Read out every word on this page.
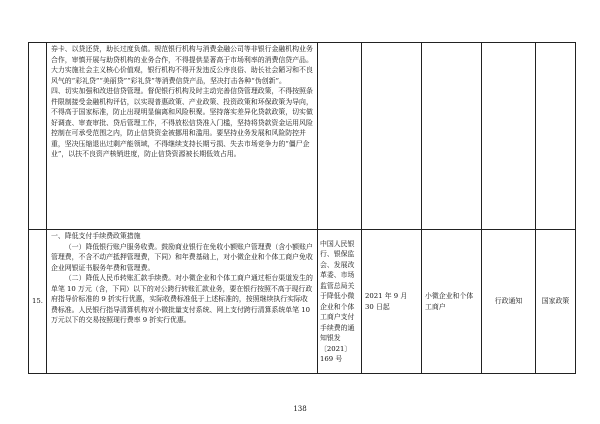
	券卡、以贷还贷，助长过度负债。规范银行机构与消费金融公司等非银行金融机构业务合作，审慎开展与助贷机构的业务合作，不得提供显著高于市场利率的消费信贷产品。大力实施社会主义核心价值观，银行机构不得开发违反公序良俗、助长社会陋习和不良风气的“彩礼贷”“美丽贷”“彩礼贷”等消费信贷产品，坚决打击各种“伪创新”。

四、切实加强和改进信贷管理。督促银行机构及时主动完善信贷管理政策，不得按照条件限制接受金融机构评估，以实现普惠政策、产业政策、投资政策和环保政策为导向，不得高于国家标准，防止出现明显偏离和风险积聚。坚持落实差异化贷款政策，切实做好调查、审查审批、贷后管理工作，不得放松信贷准入门槛，坚持将贷款资金运用风险控制在可承受范围之内，防止信贷资金被挪用和滥用。要坚持业务发展和风险防控并重，坚决压缩退出过剩产能领域，不得继续支持长期亏损、失去市场竞争力的“僵尸企业”，以扶不良资产核销进度，防止信贷资源被长期低效占用。					

15.	一、降低支付手续费政策措施

（一）降低银行账户服务收费。鼓励商业银行在免收小额账户管理费（含小额账户管理费，不含不动产抵押管理费，下同）和年费基础上，对小微企业和个体工商户免收企业网银证书服务年费和管理费。

（二）降低人民币转账汇款手续费。对小微企业和个体工商户通过柜台渠道发生的单笔 10 万元（含，下同）以下的对公跨行转账汇款业务，要在银行按照不高于现行政府指导价标准的 9 折实行优惠，实际收费标准低于上述标准的，按照继续执行实际收费标准。人民银行指导清算机构对小微批量支付系统、网上支付跨行清算系统单笔 10 万元以下的交易按照现行费率 9 折实行优惠。	中国人民银行、银保监会、发展改革委、市场监管总局关于降低小微企业和个体工商户支付手续费的通知银发〔2021〕169 号	2021 年 9 月 30 日起	小微企业和个体工商户	行政通知	国家政策
138
